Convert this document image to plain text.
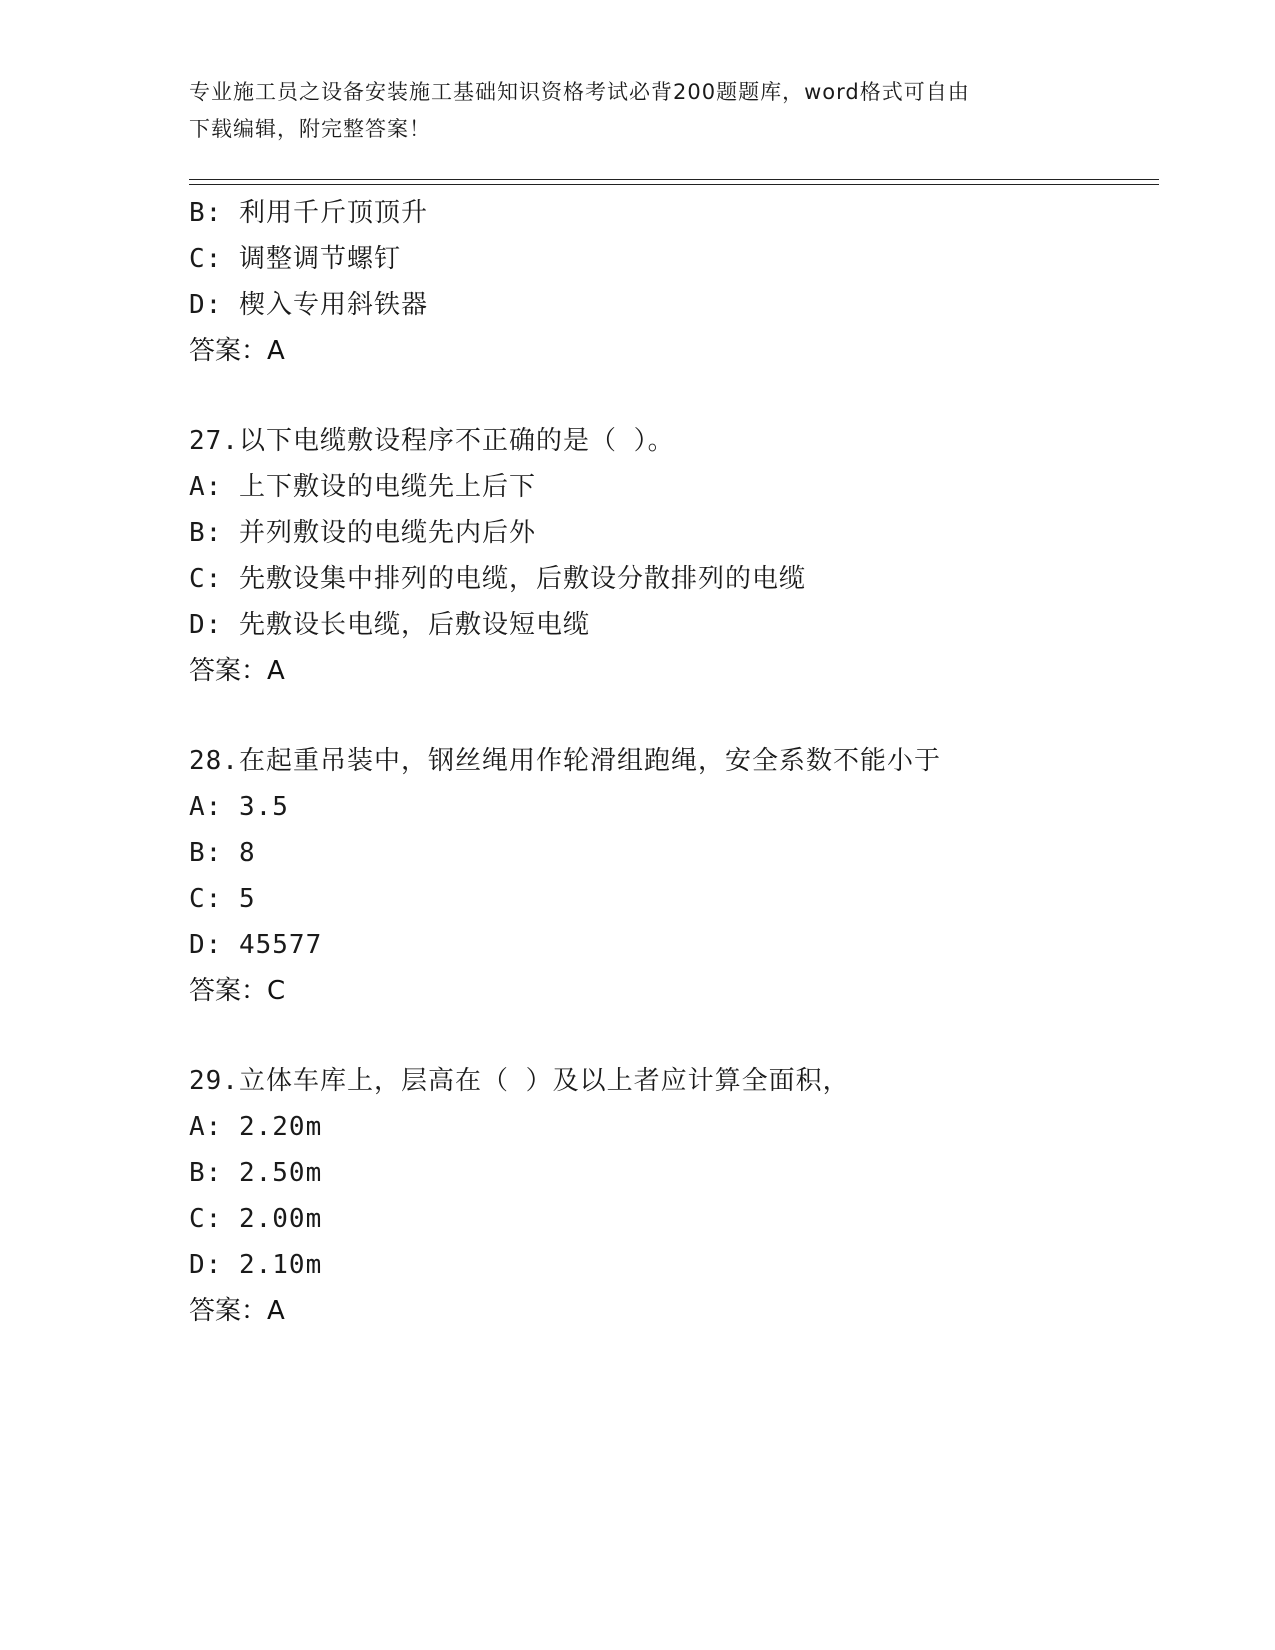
专业施工员之设备安装施工基础知识资格考试必背200题题库，word格式可自由
下载编辑，附完整答案！
B: 利用千斤顶顶升
C: 调整调节螺钉
D: 楔入专用斜铁器
答案：A
27.以下电缆敷设程序不正确的是（ ）。
A: 上下敷设的电缆先上后下
B: 并列敷设的电缆先内后外
C: 先敷设集中排列的电缆，后敷设分散排列的电缆
D: 先敷设长电缆，后敷设短电缆
答案：A
28.在起重吊装中，钢丝绳用作轮滑组跑绳，安全系数不能小于
A: 3.5
B: 8
C: 5
D: 45577
答案：C
29.立体车库上，层高在（ ）及以上者应计算全面积，
A: 2.20m
B: 2.50m
C: 2.00m
D: 2.10m
答案：A
